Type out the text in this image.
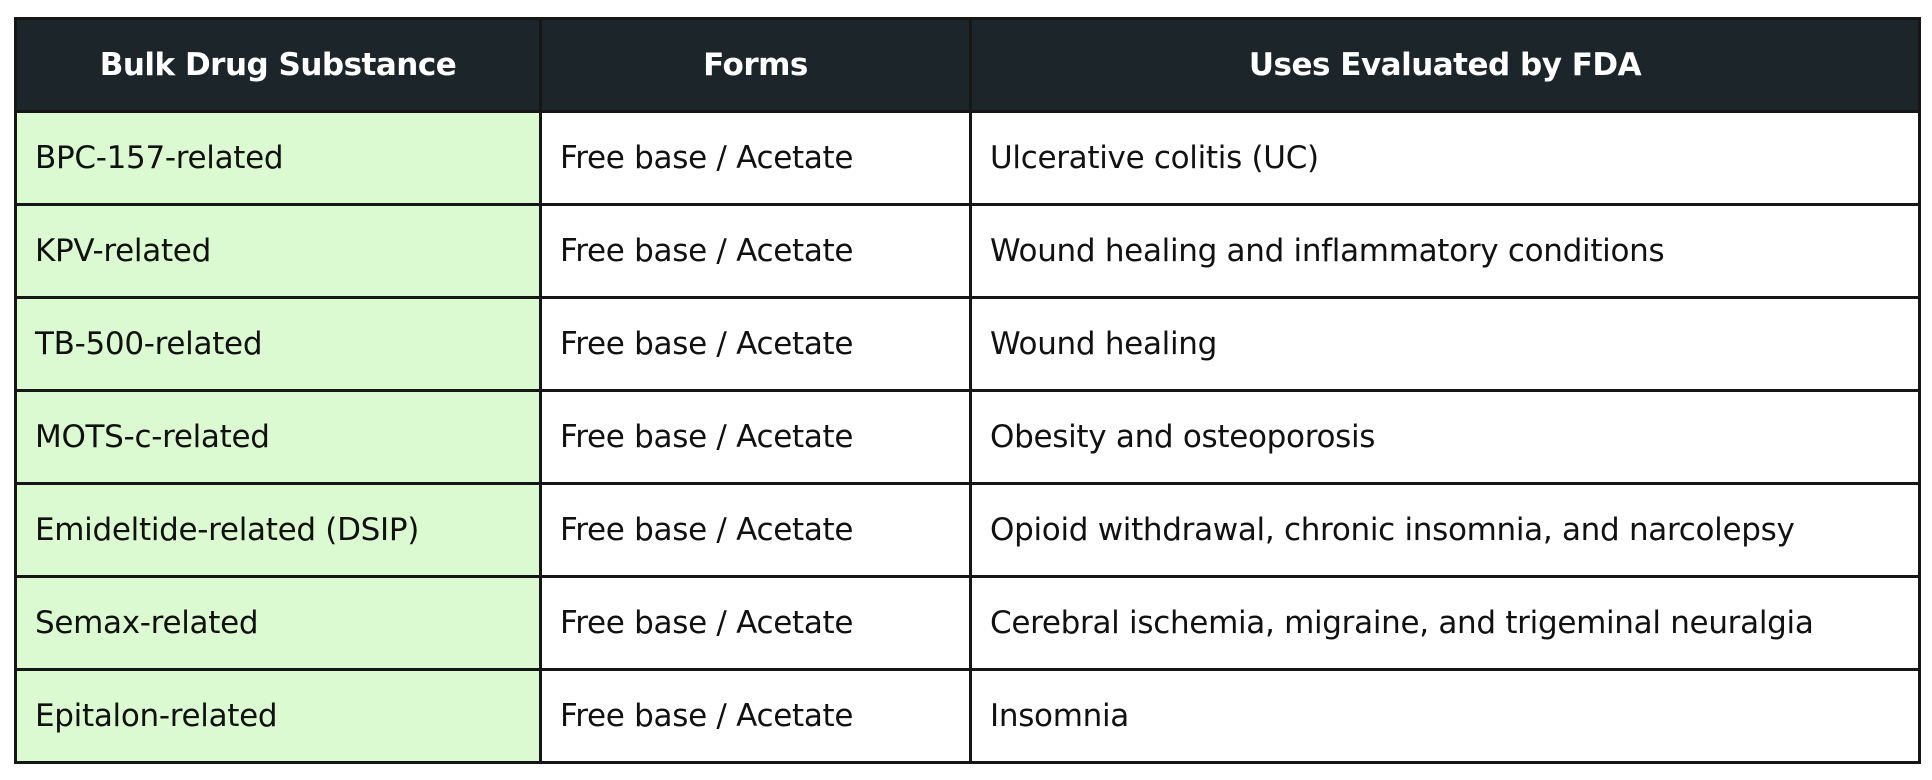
Bulk Drug Substance	Forms	Uses Evaluated by FDA
BPC-157-related	Free base / Acetate	Ulcerative colitis (UC)
KPV-related	Free base / Acetate	Wound healing and inflammatory conditions
TB-500-related	Free base / Acetate	Wound healing
MOTS-c-related	Free base / Acetate	Obesity and osteoporosis
Emideltide-related (DSIP)	Free base / Acetate	Opioid withdrawal, chronic insomnia, and narcolepsy
Semax-related	Free base / Acetate	Cerebral ischemia, migraine, and trigeminal neuralgia
Epitalon-related	Free base / Acetate	Insomnia
